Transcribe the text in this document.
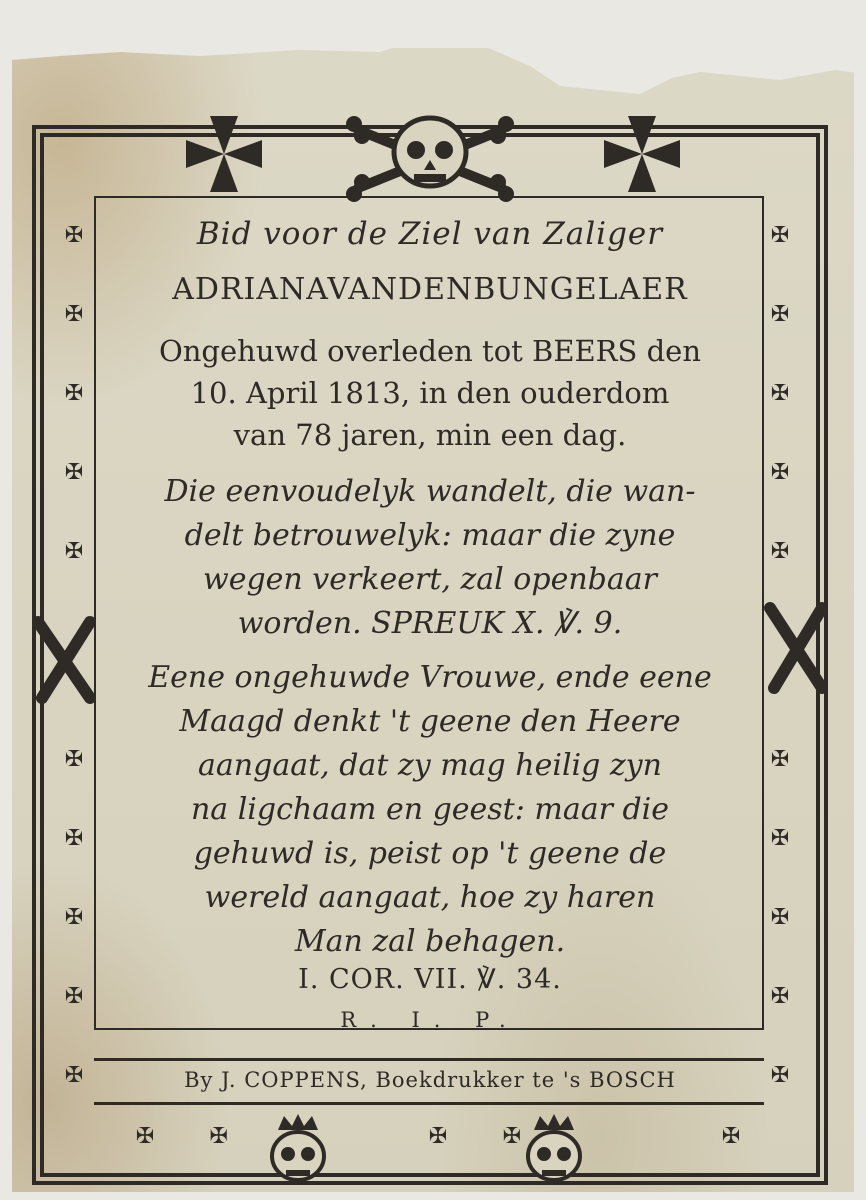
✠
✠
✠
✠
✠
✠
✠
✠
✠
✠
✠
✠
✠
✠
✠
✠
✠
✠
✠
✠
✠	✠	✠	✠	✠
Bid voor de Ziel van Zaliger
ADRIANAVANDENBUNGELAER
Ongehuwd overleden tot BEERS den
10. April 1813, in den ouderdom
van 78 jaren, min een dag.
Die eenvoudelyk wandelt, die wan-
delt betrouwelyk: maar die zyne
wegen verkeert, zal openbaar
worden. SPREUK X. ℣. 9.
Eene ongehuwde Vrouwe, ende eene
Maagd denkt 't geene den Heere
aangaat, dat zy mag heilig zyn
na ligchaam en geest: maar die
gehuwd is, peist op 't geene de
wereld aangaat, hoe zy haren
Man zal behagen.
I. COR. VII. ℣. 34.
R. I. P.
By J. COPPENS, Boekdrukker te 's BOSCH
